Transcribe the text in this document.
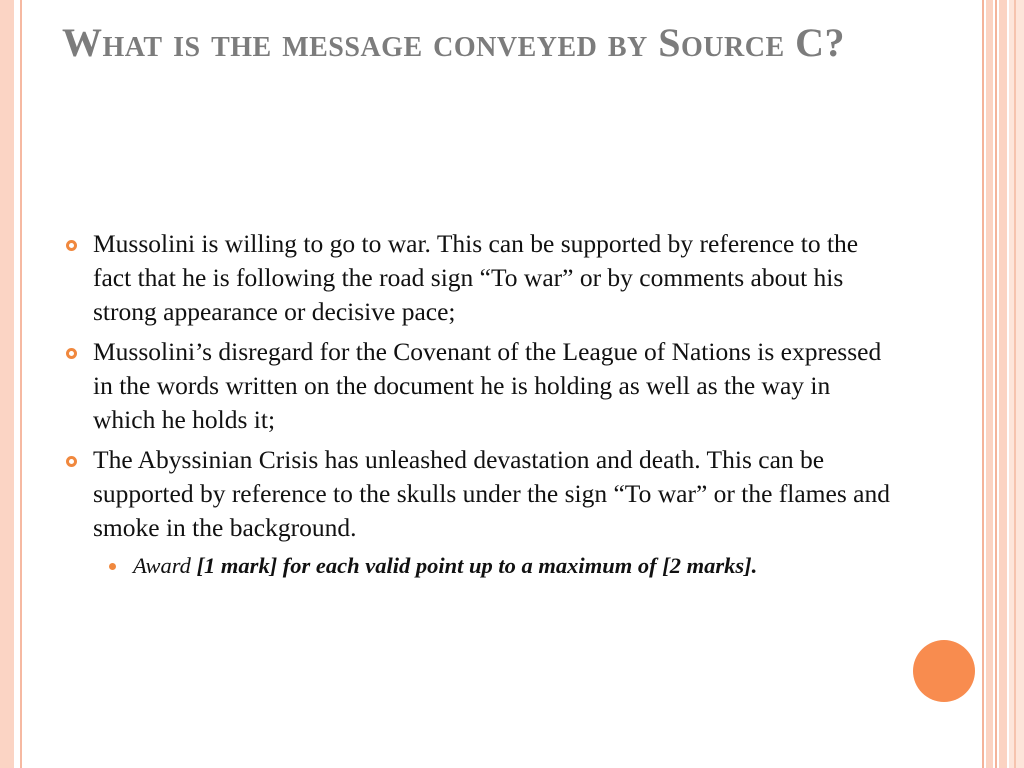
What is the message conveyed by Source C?
Mussolini is willing to go to war. This can be supported by reference to the fact that he is following the road sign “To war” or by comments about his strong appearance or decisive pace;
Mussolini’s disregard for the Covenant of the League of Nations is expressed in the words written on the document he is holding as well as the way in which he holds it;
The Abyssinian Crisis has unleashed devastation and death. This can be supported by reference to the skulls under the sign “To war” or the flames and smoke in the background.
Award [1 mark] for each valid point up to a maximum of [2 marks].
